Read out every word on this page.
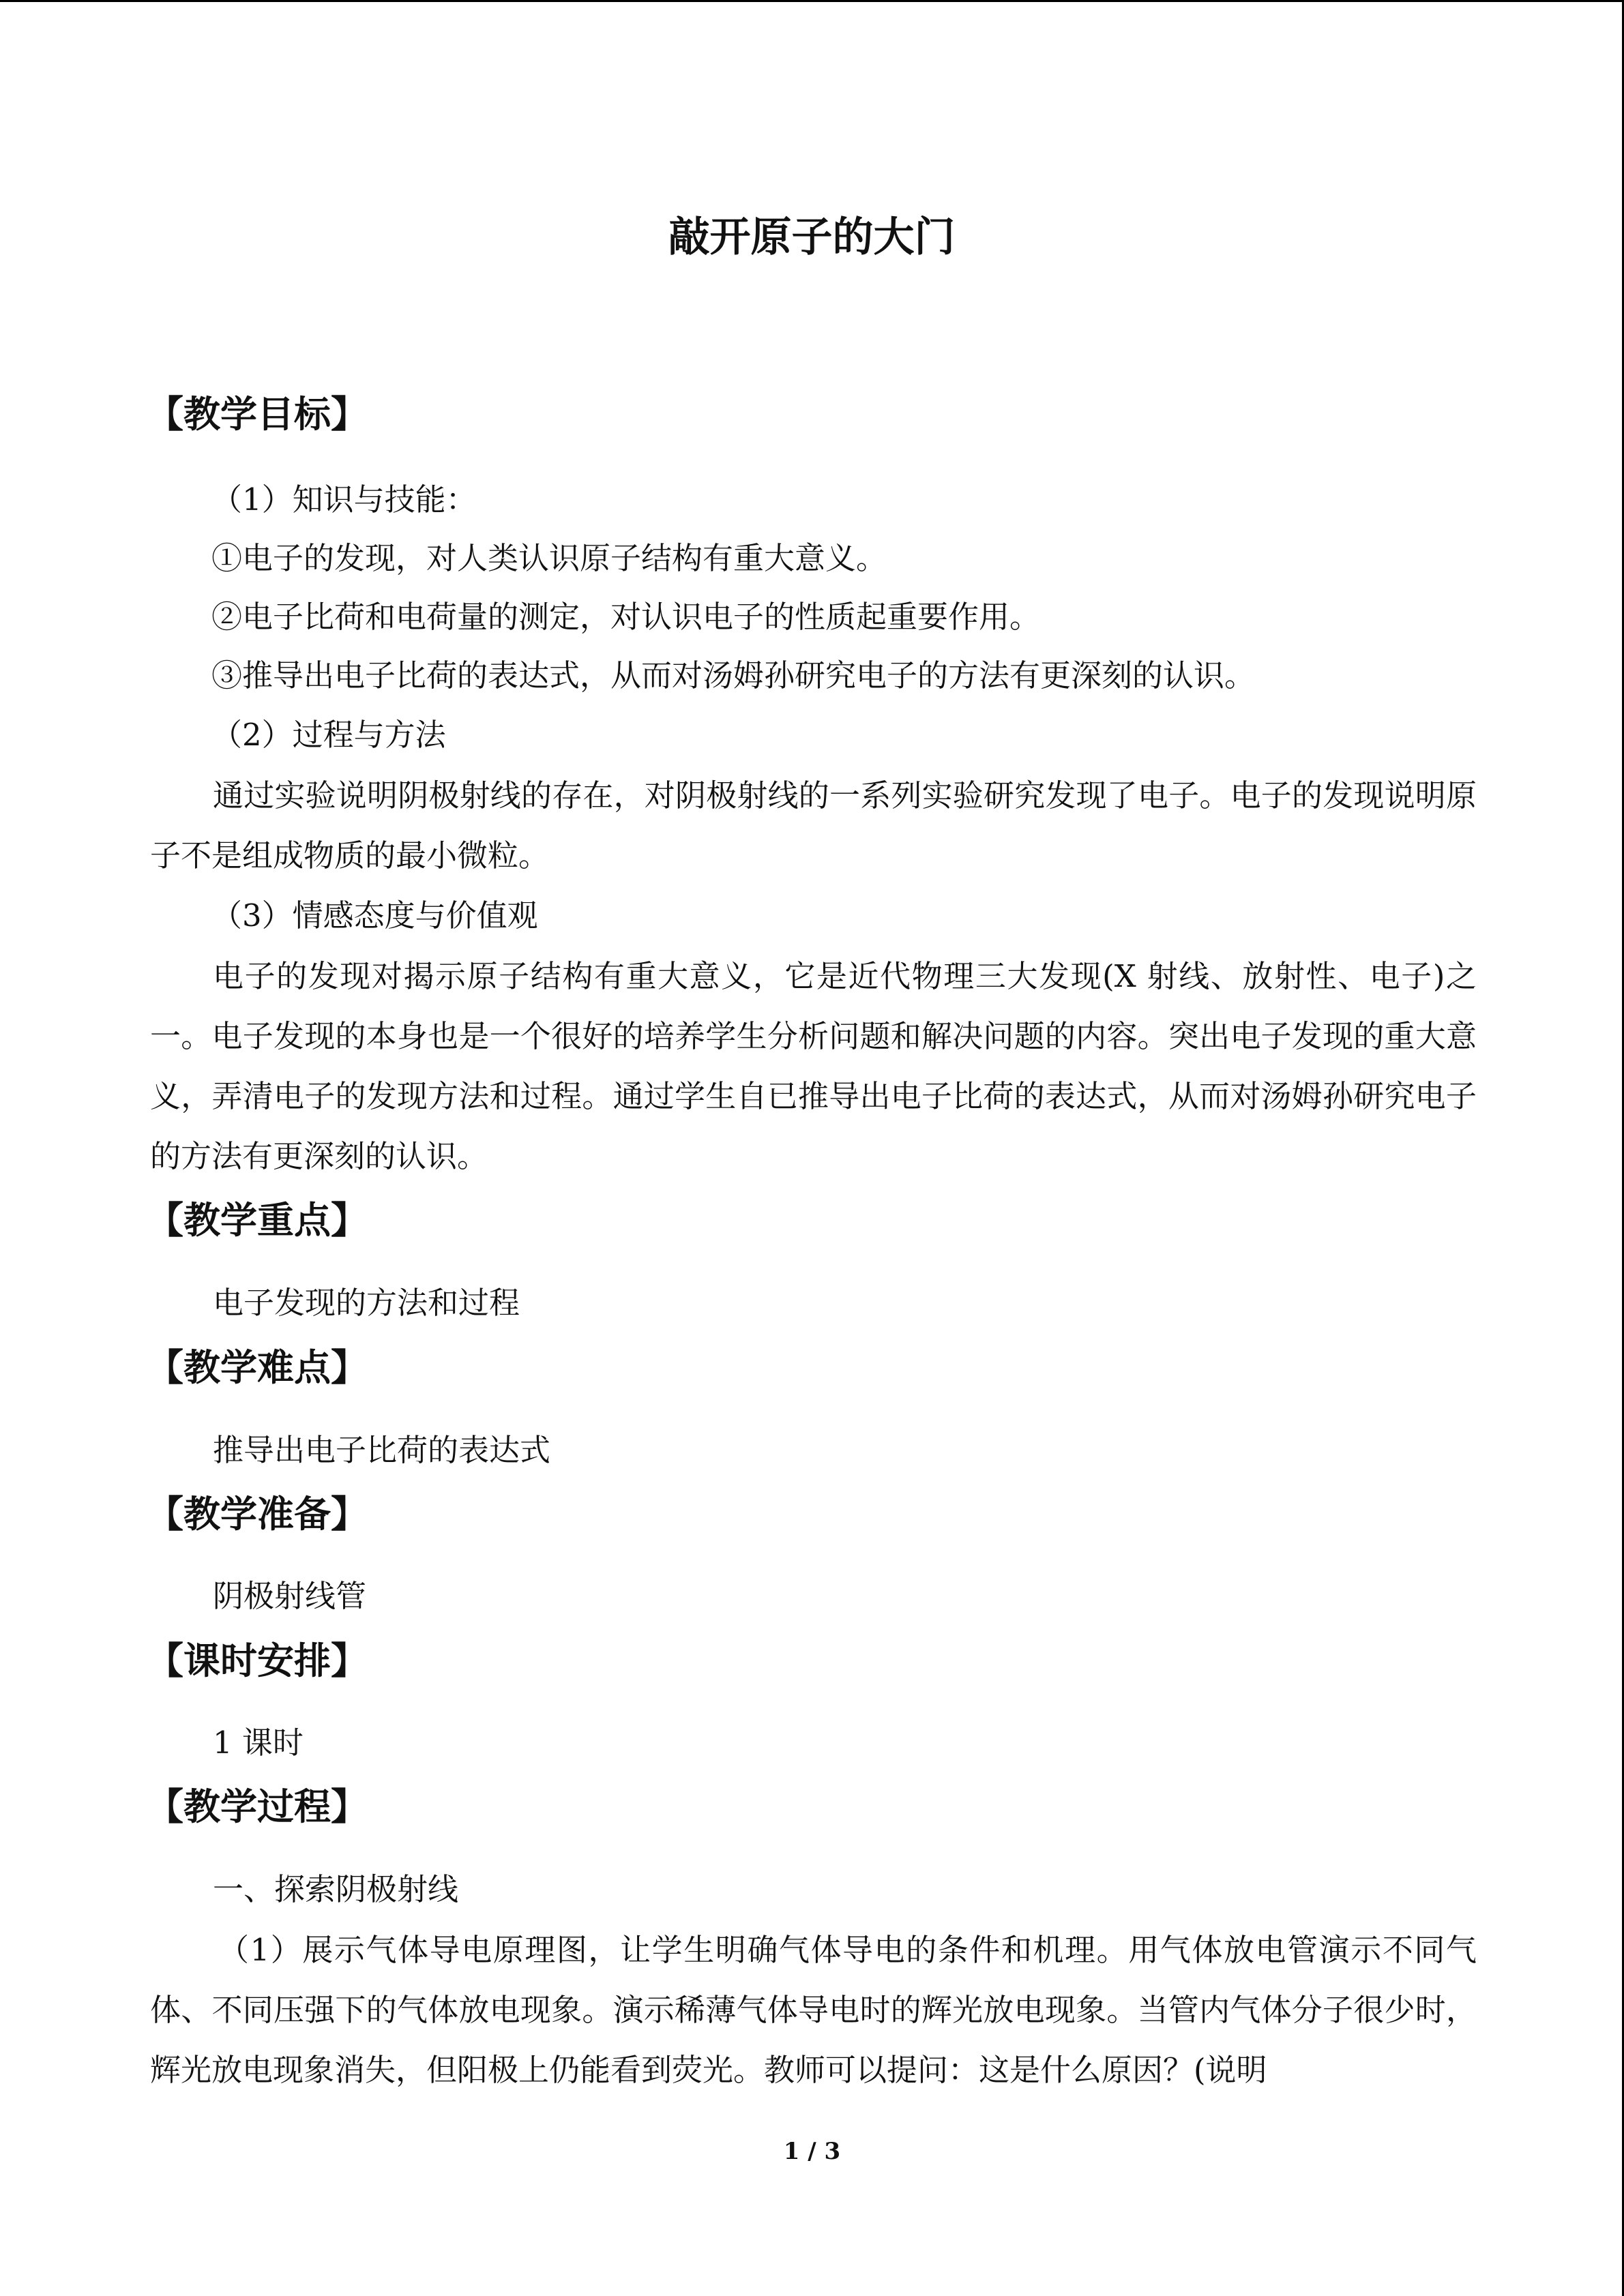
敲开原子的大门
【教学目标】
（1）知识与技能：
①电子的发现，对人类认识原子结构有重大意义。
②电子比荷和电荷量的测定，对认识电子的性质起重要作用。
③推导出电子比荷的表达式，从而对汤姆孙研究电子的方法有更深刻的认识。
（2）过程与方法
通过实验说明阴极射线的存在，对阴极射线的一系列实验研究发现了电子。电子的发现说明原子不是组成物质的最小微粒。
（3）情感态度与价值观
电子的发现对揭示原子结构有重大意义，它是近代物理三大发现(X 射线、放射性、电子)之一。电子发现的本身也是一个很好的培养学生分析问题和解决问题的内容。突出电子发现的重大意义，弄清电子的发现方法和过程。通过学生自已推导出电子比荷的表达式，从而对汤姆孙研究电子的方法有更深刻的认识。
【教学重点】
电子发现的方法和过程
【教学难点】
推导出电子比荷的表达式
【教学准备】
阴极射线管
【课时安排】
1 课时
【教学过程】
一、探索阴极射线
（1）展示气体导电原理图，让学生明确气体导电的条件和机理。用气体放电管演示不同气体、不同压强下的气体放电现象。演示稀薄气体导电时的辉光放电现象。当管内气体分子很少时，辉光放电现象消失，但阳极上仍能看到荧光。教师可以提问：这是什么原因？(说明
1 / 3
